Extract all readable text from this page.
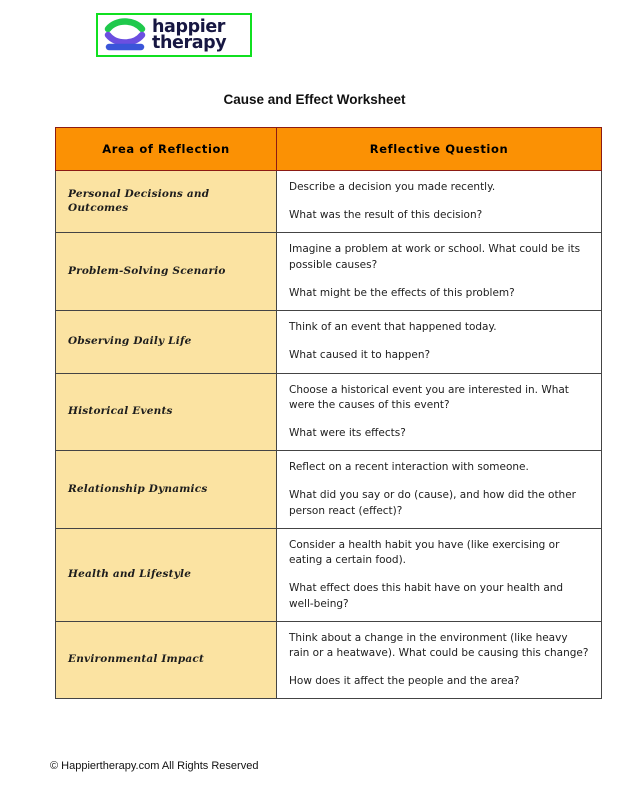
happier
therapy
Cause and Effect Worksheet
Area of Reflection	Reflective Question
Personal Decisions and Outcomes	Describe a decision you made recently.

What was the result of this decision?

Problem-Solving Scenario	Imagine a problem at work or school. What could be its possible causes?

What might be the effects of this problem?

Observing Daily Life	Think of an event that happened today.

What caused it to happen?

Historical Events	Choose a historical event you are interested in. What were the causes of this event?

What were its effects?

Relationship Dynamics	Reflect on a recent interaction with someone.

What did you say or do (cause), and how did the other person react (effect)?

Health and Lifestyle	Consider a health habit you have (like exercising or eating a certain food).

What effect does this habit have on your health and well-being?

Environmental Impact	Think about a change in the environment (like heavy rain or a heatwave). What could be causing this change?

How does it affect the people and the area?

© Happiertherapy.com All Rights Reserved
